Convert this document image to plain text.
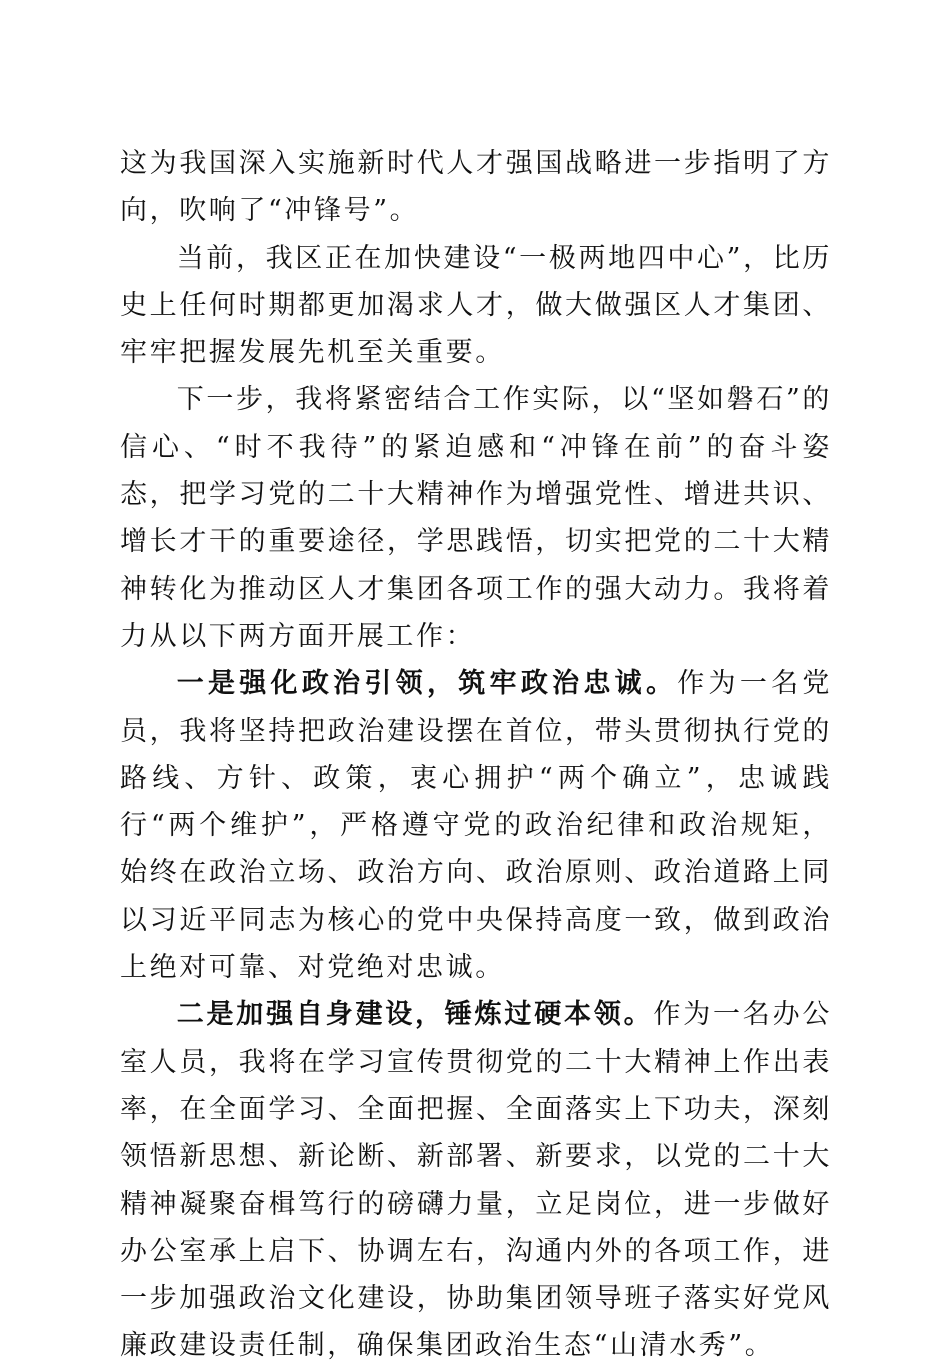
这为我国深入实施新时代人才强国战略进一步指明了方向，吹响了“冲锋号”。

当前，我区正在加快建设“一极两地四中心”，比历史上任何时期都更加渴求人才，做大做强区人才集团、牢牢把握发展先机至关重要。

下一步，我将紧密结合工作实际，以“坚如磐石”的信心、“时不我待”的紧迫感和“冲锋在前”的奋斗姿态，把学习党的二十大精神作为增强党性、增进共识、增长才干的重要途径，学思践悟，切实把党的二十大精神转化为推动区人才集团各项工作的强大动力。我将着力从以下两方面开展工作：

一是强化政治引领，筑牢政治忠诚。作为一名党员，我将坚持把政治建设摆在首位，带头贯彻执行党的路线、方针、政策，衷心拥护“两个确立”，忠诚践行“两个维护”，严格遵守党的政治纪律和政治规矩，始终在政治立场、政治方向、政治原则、政治道路上同以习近平同志为核心的党中央保持高度一致，做到政治上绝对可靠、对党绝对忠诚。

二是加强自身建设，锤炼过硬本领。作为一名办公室人员，我将在学习宣传贯彻党的二十大精神上作出表率，在全面学习、全面把握、全面落实上下功夫，深刻领悟新思想、新论断、新部署、新要求，以党的二十大精神凝聚奋楫笃行的磅礴力量，立足岗位，进一步做好办公室承上启下、协调左右，沟通内外的各项工作，进一步加强政治文化建设，协助集团领导班子落实好党风廉政建设责任制，确保集团政治生态“山清水秀”。
